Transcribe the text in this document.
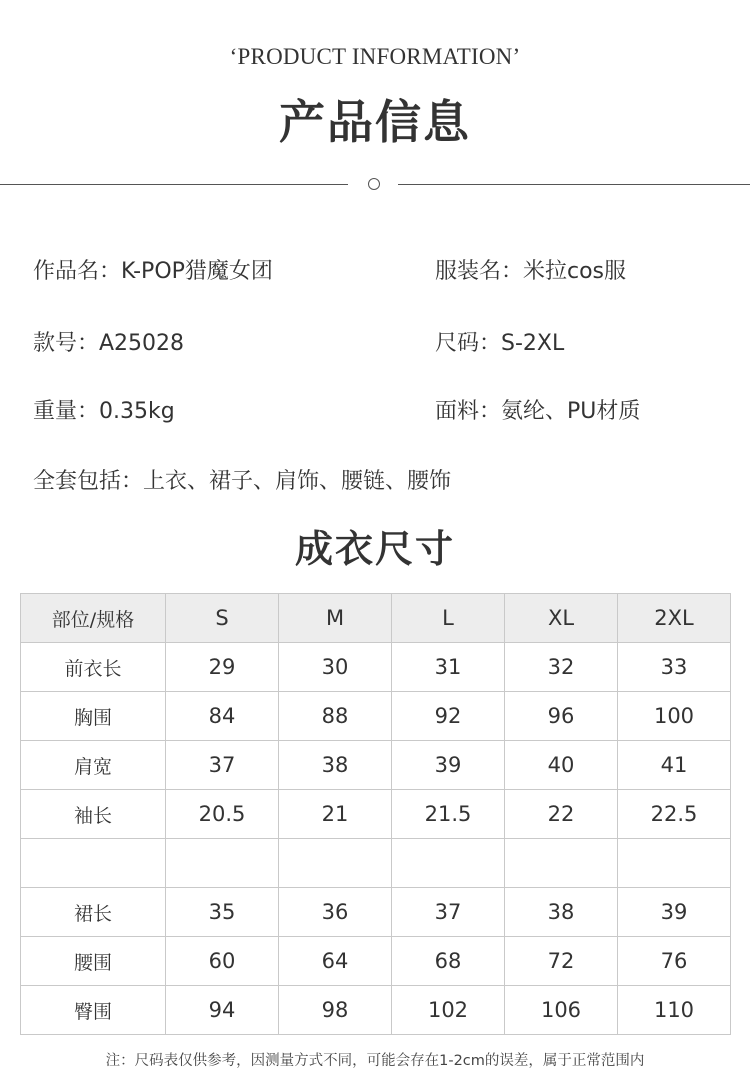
‘PRODUCT INFORMATION’
产品信息
作品名：K-POP猎魔女团	服装名：米拉cos服
款号：A25028	尺码：S-2XL
重量：0.35kg	面料：氨纶、PU材质
全套包括：上衣、裙子、肩饰、腰链、腰饰
成衣尺寸
部位/规格	S	M	L	XL	2XL
前衣长	29	30	31	32	33
胸围	84	88	92	96	100
肩宽	37	38	39	40	41
袖长	20.5	21	21.5	22	22.5

裙长	35	36	37	38	39
腰围	60	64	68	72	76
臀围	94	98	102	106	110
注：尺码表仅供参考，因测量方式不同，可能会存在1-2cm的误差，属于正常范围内
